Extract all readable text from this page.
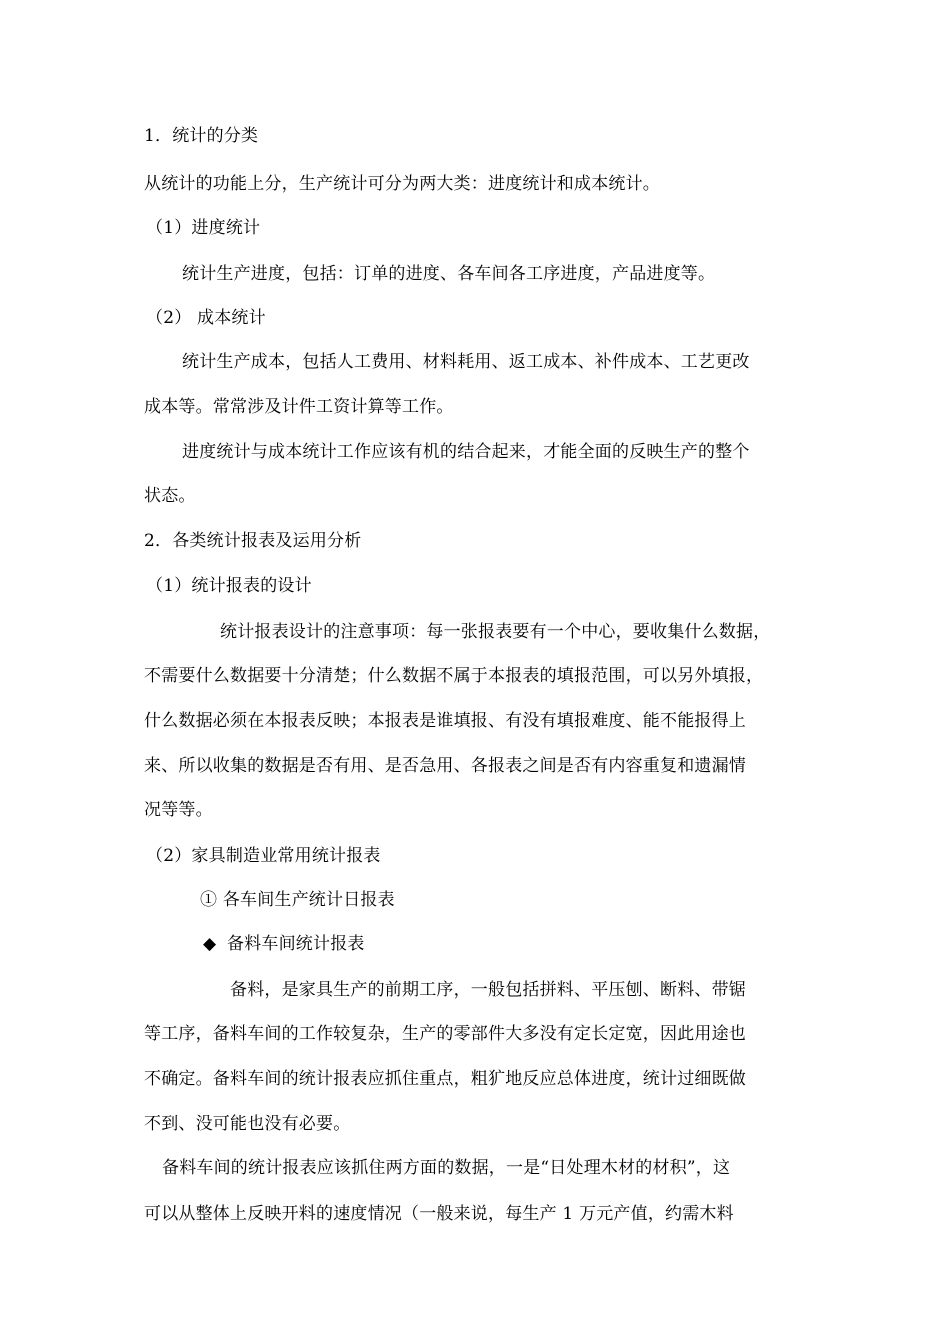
1．统计的分类
从统计的功能上分，生产统计可分为两大类：进度统计和成本统计。
（1）进度统计
统计生产进度，包括：订单的进度、各车间各工序进度，产品进度等。
（2） 成本统计
统计生产成本，包括人工费用、材料耗用、返工成本、补件成本、工艺更改
成本等。常常涉及计件工资计算等工作。
进度统计与成本统计工作应该有机的结合起来，才能全面的反映生产的整个
状态。
2．各类统计报表及运用分析
（1）统计报表的设计
统计报表设计的注意事项：每一张报表要有一个中心，要收集什么数据，
不需要什么数据要十分清楚；什么数据不属于本报表的填报范围，可以另外填报，
什么数据必须在本报表反映；本报表是谁填报、有没有填报难度、能不能报得上
来、所以收集的数据是否有用、是否急用、各报表之间是否有内容重复和遗漏情
况等等。
（2）家具制造业常用统计报表
① 各车间生产统计日报表
◆ 备料车间统计报表
备料，是家具生产的前期工序，一般包括拼料、平压刨、断料、带锯
等工序，备料车间的工作较复杂，生产的零部件大多没有定长定宽，因此用途也
不确定。备料车间的统计报表应抓住重点，粗犷地反应总体进度，统计过细既做
不到、没可能也没有必要。
备料车间的统计报表应该抓住两方面的数据，一是“日处理木材的材积”，这
可以从整体上反映开料的速度情况（一般来说，每生产 1 万元产值，约需木料
